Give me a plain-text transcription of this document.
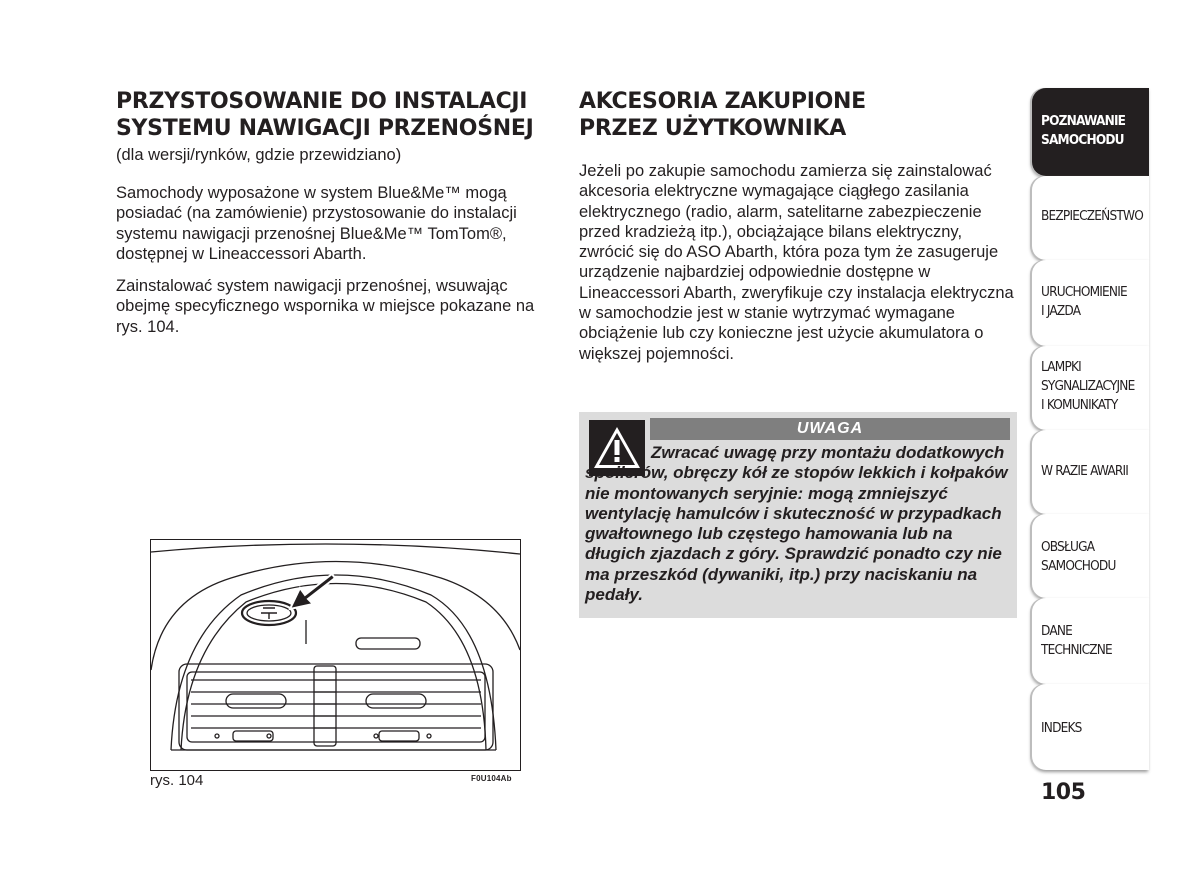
PRZYSTOSOWANIE DO INSTALACJI
SYSTEMU NAWIGACJI PRZENOŚNEJ
(dla wersji/rynków, gdzie przewidziano)

Samochody wyposażone w system Blue&Me™ mogą posiadać (na zamówienie) przystosowanie do instalacji systemu nawigacji przenośnej Blue&Me™ TomTom®, dostępnej w Lineaccessori Abarth.

Zainstalować system nawigacji przenośnej, wsuwając obejmę specyficznego wspornika w miejsce pokazane na rys. 104.

rys. 104	F0U104Ab
AKCESORIA ZAKUPIONE
PRZEZ UŻYTKOWNIKA

Jeżeli po zakupie samochodu zamierza się zainstalować akcesoria elektryczne wymagające ciągłego zasilania elektrycznego (radio, alarm, satelitarne zabezpieczenie przed kradzieżą itp.), obciążające bilans elektryczny, zwrócić się do ASO Abarth, która poza tym że zasugeruje urządzenie najbardziej odpowiednie dostępne w Lineaccessori Abarth, zweryfikuje czy instalacja elektryczna w samochodzie jest w stanie wytrzymać wymagane obciążenie lub czy konieczne jest użycie akumulatora o większej pojemności.

UWAGA
Zwracać uwagę przy montażu dodatkowych spoilerów, obręczy kół ze stopów lekkich i kołpaków nie montowanych seryjnie: mogą zmniejszyć wentylację hamulców i skuteczność w przypadkach gwałtownego lub częstego hamowania lub na długich zjazdach z góry. Sprawdzić ponadto czy nie ma przeszkód (dywaniki, itp.) przy naciskaniu na pedały.
POZNAWANIE
SAMOCHODU
BEZPIECZEŃSTWO
URUCHOMIENIE
I JAZDA
LAMPKI
SYGNALIZACYJNE
I KOMUNIKATY
W RAZIE AWARII
OBSŁUGA
SAMOCHODU
DANE
TECHNICZNE
INDEKS
105
